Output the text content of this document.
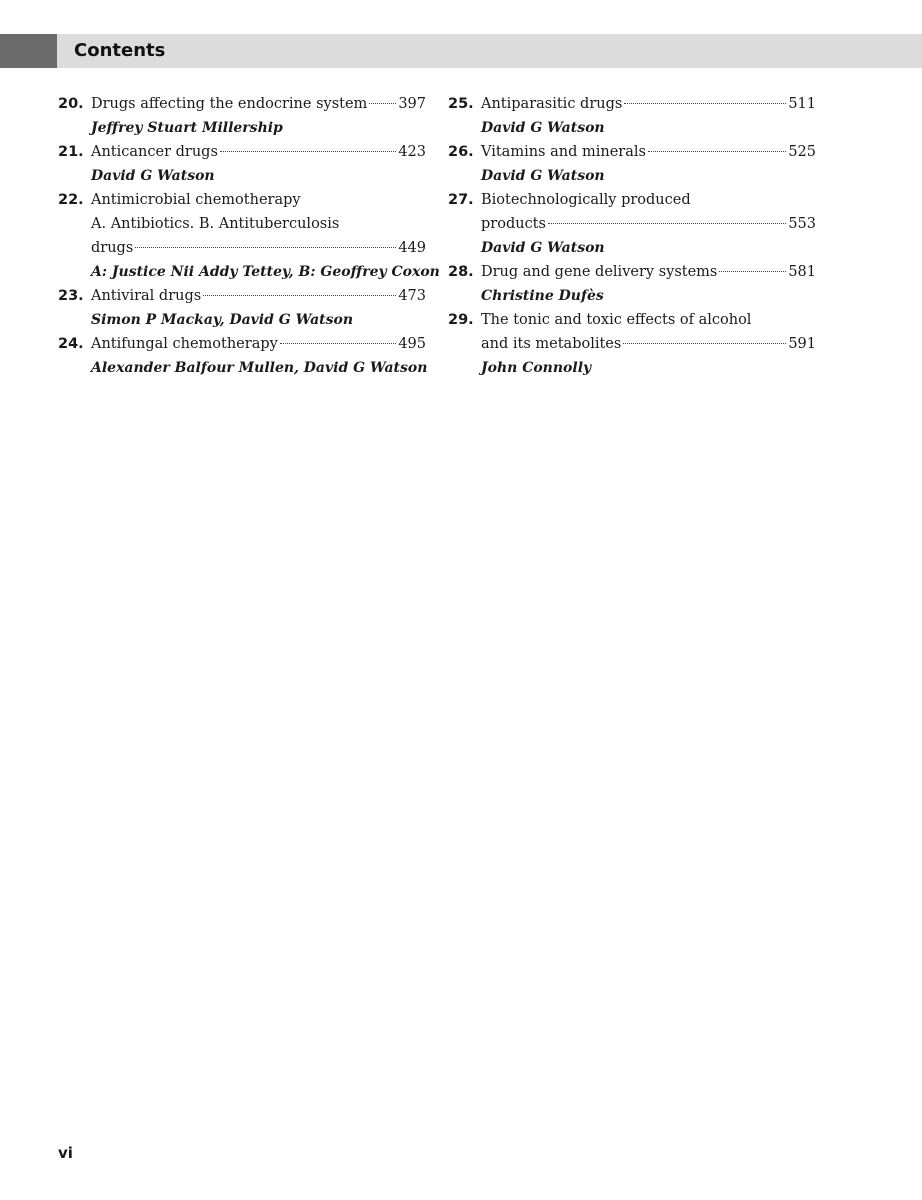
Contents
20. Drugs affecting the endocrine system 397
Jeffrey Stuart Millership
21. Anticancer drugs	423
David G Watson
22. Antimicrobial chemotherapy
A. Antibiotics. B. Antituberculosis
drugs	449
A: Justice Nii Addy Tettey, B: Geoffrey Coxon
23. Antiviral drugs	473
Simon P Mackay, David G Watson
24. Antifungal chemotherapy	495
Alexander Balfour Mullen, David G Watson
25. Antiparasitic drugs	511
David G Watson
26. Vitamins and minerals	525
David G Watson
27. Biotechnologically produced
products	553
David G Watson
28. Drug and gene delivery systems	581
Christine Dufès
29. The tonic and toxic effects of alcohol
and its metabolites	591
John Connolly
vi
